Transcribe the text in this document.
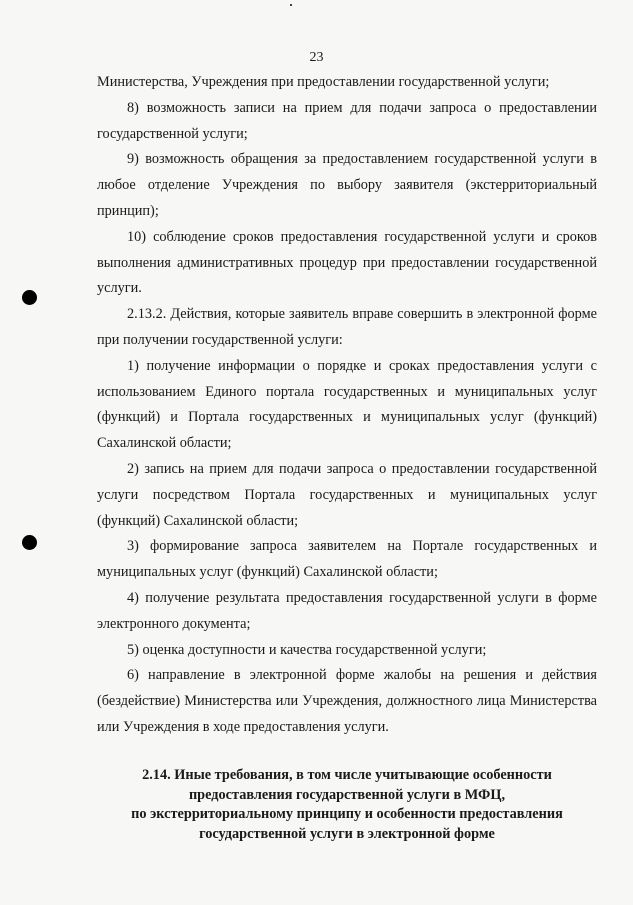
23

Министерства, Учреждения при предоставлении государственной услуги;

8) возможность записи на прием для подачи запроса о предоставлении государственной услуги;

9) возможность обращения за предоставлением государственной услуги в любое отделение Учреждения по выбору заявителя (экстерриториальный принцип);

10) соблюдение сроков предоставления государственной услуги и сроков выполнения административных процедур при предоставлении государственной услуги.

2.13.2. Действия, которые заявитель вправе совершить в электронной форме при получении государственной услуги:

1) получение информации о порядке и сроках предоставления услуги с использованием Единого портала государственных и муниципальных услуг (функций) и Портала государственных и муниципальных услуг (функций) Сахалинской области;

2) запись на прием для подачи запроса о предоставлении государственной услуги посредством Портала государственных и муниципальных услуг (функций) Сахалинской области;

3) формирование запроса заявителем на Портале государственных и муниципальных услуг (функций) Сахалинской области;

4) получение результата предоставления государственной услуги в форме электронного документа;

5) оценка доступности и качества государственной услуги;

6) направление в электронной форме жалобы на решения и действия (бездействие) Министерства или Учреждения, должностного лица Министерства или Учреждения в ходе предоставления услуги.

2.14. Иные требования, в том числе учитывающие особенности
предоставления государственной услуги в МФЦ,
по экстерриториальному принципу и особенности предоставления
государственной услуги в электронной форме
